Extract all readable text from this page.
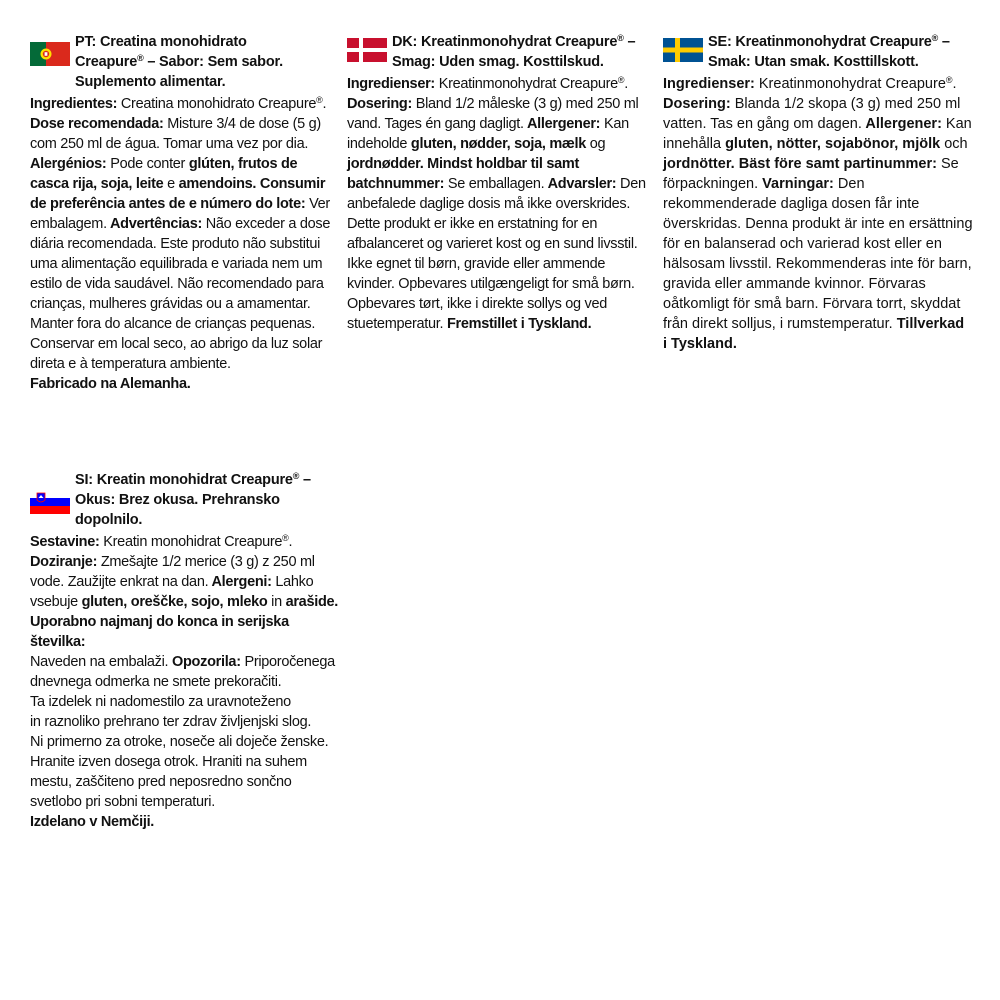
PT: Creatina monohidrato
Creapure® – Sabor: Sem sabor.
Suplemento alimentar.

Ingredientes: Creatina monohidrato Creapure®. Dose recomendada: Misture 3/4 de dose (5 g) com 250 ml de água. Tomar uma vez por dia. Alergénios: Pode conter glúten, frutos de casca rija, soja, leite e amendoins. Consumir de preferência antes de e número do lote: Ver embalagem. Advertências: Não exceder a dose diária recomendada. Este produto não substitui uma alimentação equilibrada e variada nem um estilo de vida saudável. Não recomendado para crianças, mulheres grávidas ou a amamentar. Manter fora do alcance de crianças pequenas. Conservar em local seco, ao abrigo da luz solar direta e à temperatura ambiente.

Fabricado na Alemanha.

DK: Kreatinmonohydrat Creapure® –
Smag: Uden smag. Kosttilskud.

Ingredienser: Kreatinmonohydrat Creapure®. Dosering: Bland 1/2 måleske (3 g) med 250 ml vand. Tages én gang dagligt. Allergener: Kan indeholde gluten, nødder, soja, mælk og jordnødder. Mindst holdbar til samt batchnummer: Se emballagen. Advarsler: Den anbefalede daglige dosis må ikke overskrides. Dette produkt er ikke en erstatning for en afbalanceret og varieret kost og en sund livsstil. Ikke egnet til børn, gravide eller ammende kvinder. Opbevares utilgængeligt for små børn. Opbevares tørt, ikke i direkte sollys og ved stuetemperatur. Fremstillet i Tyskland.

SE: Kreatinmonohydrat Creapure® –
Smak: Utan smak. Kosttillskott.

Ingredienser: Kreatinmonohydrat Creapure®. Dosering: Blanda 1/2 skopa (3 g) med 250 ml vatten. Tas en gång om dagen. Allergener: Kan innehålla gluten, nötter, sojabönor, mjölk och jordnötter. Bäst före samt partinummer: Se förpackningen. Varningar: Den rekommenderade dagliga dosen får inte överskridas. Denna produkt är inte en ersättning för en balanserad och varierad kost eller en hälsosam livsstil. Rekommenderas inte för barn, gravida eller ammande kvinnor. Förvaras oåtkomligt för små barn. Förvara torrt, skyddat från direkt solljus, i rumstemperatur. Tillverkad
i Tyskland.

SI: Kreatin monohidrat Creapure® –
Okus: Brez okusa. Prehransko
dopolnilo.

Sestavine: Kreatin monohidrat Creapure®. Doziranje: Zmešajte 1/2 merice (3 g) z 250 ml vode. Zaužijte enkrat na dan. Alergeni: Lahko vsebuje gluten, oreščke, sojo, mleko in arašide.
Uporabno najmanj do konca in serijska številka:
Naveden na embalaži. Opozorila: Priporočenega dnevnega odmerka ne smete prekoračiti.

Ta izdelek ni nadomestilo za uravnoteženo
in raznoliko prehrano ter zdrav življenjski slog.
Ni primerno za otroke, noseče ali doječe ženske.
Hranite izven dosega otrok. Hraniti na suhem
mestu, zaščiteno pred neposredno sončno
svetlobo pri sobni temperaturi.

Izdelano v Nemčiji.
